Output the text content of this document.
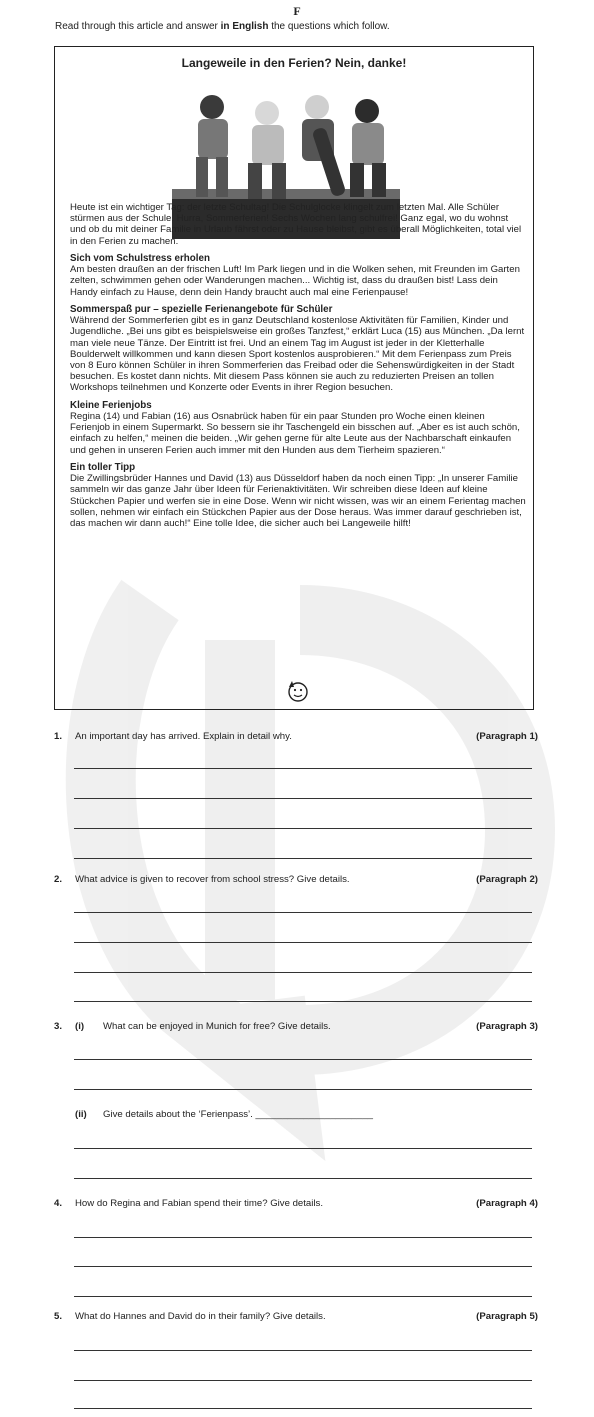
F
Read through this article and answer in English the questions which follow.
Langeweile in den Ferien? Nein, danke!

Heute ist ein wichtiger Tag: der letzte Schultag! Die Schulglocke klingelt zum letzten Mal. Alle Schüler stürmen aus der Schule. Hurra, Sommerferien! Sechs Wochen lang schulfrei! Ganz egal, wo du wohnst und ob du mit deiner Familie in Urlaub fährst oder zu Hause bleibst, gibt es überall Möglichkeiten, total viel in den Ferien zu machen.

Sich vom Schulstress erholen

Am besten draußen an der frischen Luft! Im Park liegen und in die Wolken sehen, mit Freunden im Garten zelten, schwimmen gehen oder Wanderungen machen... Wichtig ist, dass du draußen bist! Lass dein Handy einfach zu Hause, denn dein Handy braucht auch mal eine Ferienpause!

Sommerspaß pur – spezielle Ferienangebote für Schüler

Während der Sommerferien gibt es in ganz Deutschland kostenlose Aktivitäten für Familien, Kinder und Jugendliche. „Bei uns gibt es beispielsweise ein großes Tanzfest,“ erklärt Luca (15) aus München. „Da lernt man viele neue Tänze. Der Eintritt ist frei. Und an einem Tag im August ist jeder in der Kletterhalle Boulderwelt willkommen und kann diesen Sport kostenlos ausprobieren.“ Mit dem Ferienpass zum Preis von 8 Euro können Schüler in ihren Sommerferien das Freibad oder die Sehenswürdigkeiten in der Stadt besuchen. Es kostet dann nichts. Mit diesem Pass können sie auch zu reduzierten Preisen an tollen Workshops teilnehmen und Konzerte oder Events in ihrer Region besuchen.

Kleine Ferienjobs

Regina (14) und Fabian (16) aus Osnabrück haben für ein paar Stunden pro Woche einen kleinen Ferienjob in einem Supermarkt. So bessern sie ihr Taschengeld ein bisschen auf. „Aber es ist auch schön, einfach zu helfen,“ meinen die beiden. „Wir gehen gerne für alte Leute aus der Nachbarschaft einkaufen und gehen in unseren Ferien auch immer mit den Hunden aus dem Tierheim spazieren.“

Ein toller Tipp

Die Zwillingsbrüder Hannes und David (13) aus Düsseldorf haben da noch einen Tipp: „In unserer Familie sammeln wir das ganze Jahr über Ideen für Ferienaktivitäten. Wir schreiben diese Ideen auf kleine Stückchen Papier und werfen sie in eine Dose. Wenn wir nicht wissen, was wir an einem Ferientag machen sollen, nehmen wir einfach ein Stückchen Papier aus der Dose heraus. Was immer darauf geschrieben ist, das machen wir dann auch!“ Eine tolle Idee, die sicher auch bei Langeweile hilft!

1. An important day has arrived. Explain in detail why.	(Paragraph 1)
2. What advice is given to recover from school stress? Give details.	(Paragraph 2)
3. (i) What can be enjoyed in Munich for free? Give details.	(Paragraph 3)
(ii) Give details about the ‘Ferienpass’. ______________________
4. How do Regina and Fabian spend their time? Give details.	(Paragraph 4)
5. What do Hannes and David do in their family? Give details.	(Paragraph 5)
